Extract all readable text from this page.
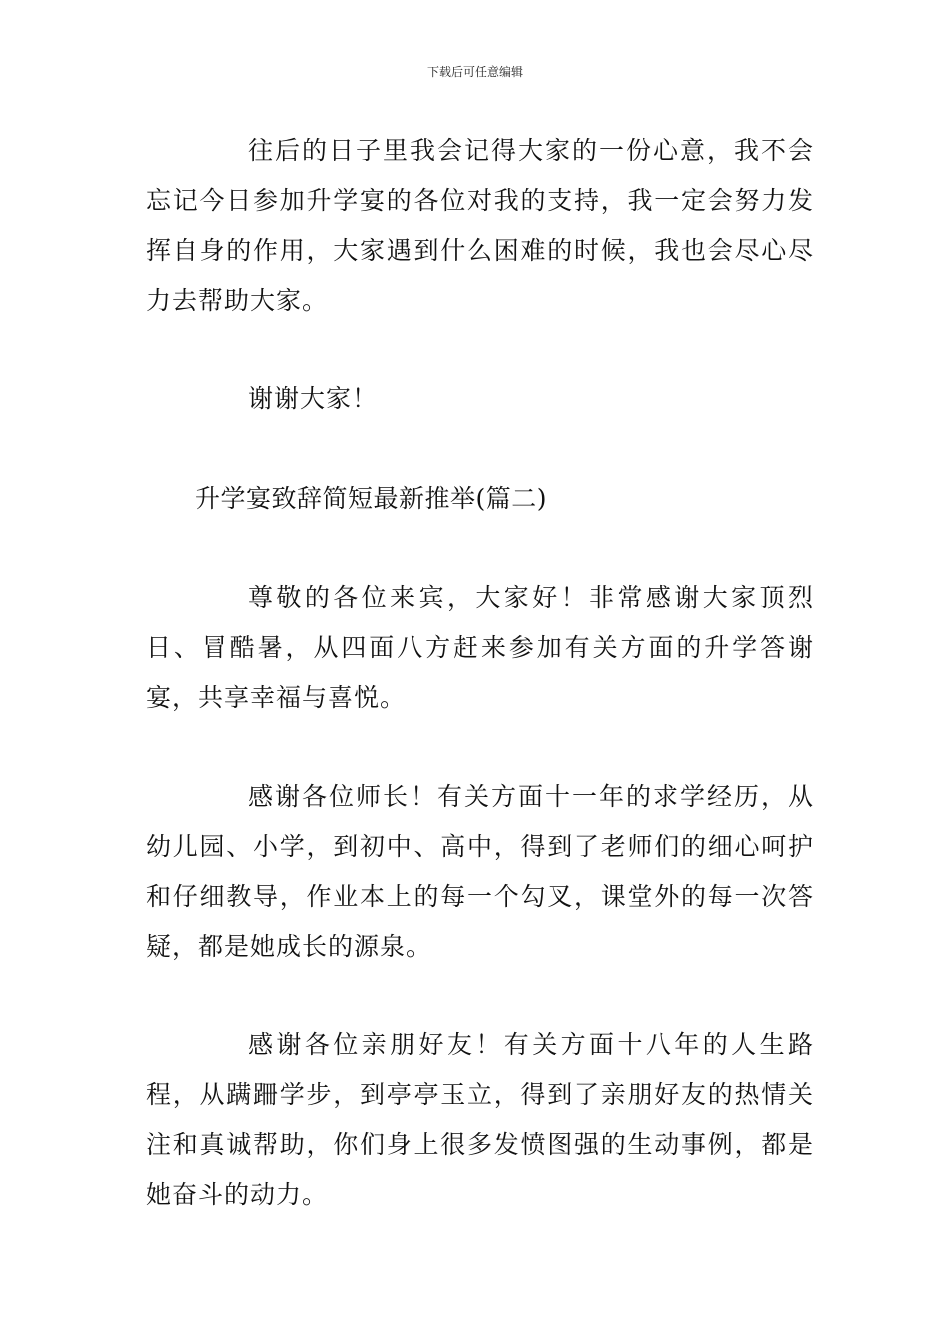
下载后可任意编辑

往后的日子里我会记得大家的一份心意，我不会忘记今日参加升学宴的各位对我的支持，我一定会努力发挥自身的作用，大家遇到什么困难的时候，我也会尽心尽力去帮助大家。

谢谢大家！

升学宴致辞简短最新推举(篇二)

尊敬的各位来宾，大家好！非常感谢大家顶烈日、冒酷暑，从四面八方赶来参加有关方面的升学答谢宴，共享幸福与喜悦。

感谢各位师长！有关方面十一年的求学经历，从幼儿园、小学，到初中、高中，得到了老师们的细心呵护和仔细教导，作业本上的每一个勾叉，课堂外的每一次答疑，都是她成长的源泉。

感谢各位亲朋好友！有关方面十八年的人生路程，从蹒跚学步，到亭亭玉立，得到了亲朋好友的热情关注和真诚帮助，你们身上很多发愤图强的生动事例，都是她奋斗的动力。
